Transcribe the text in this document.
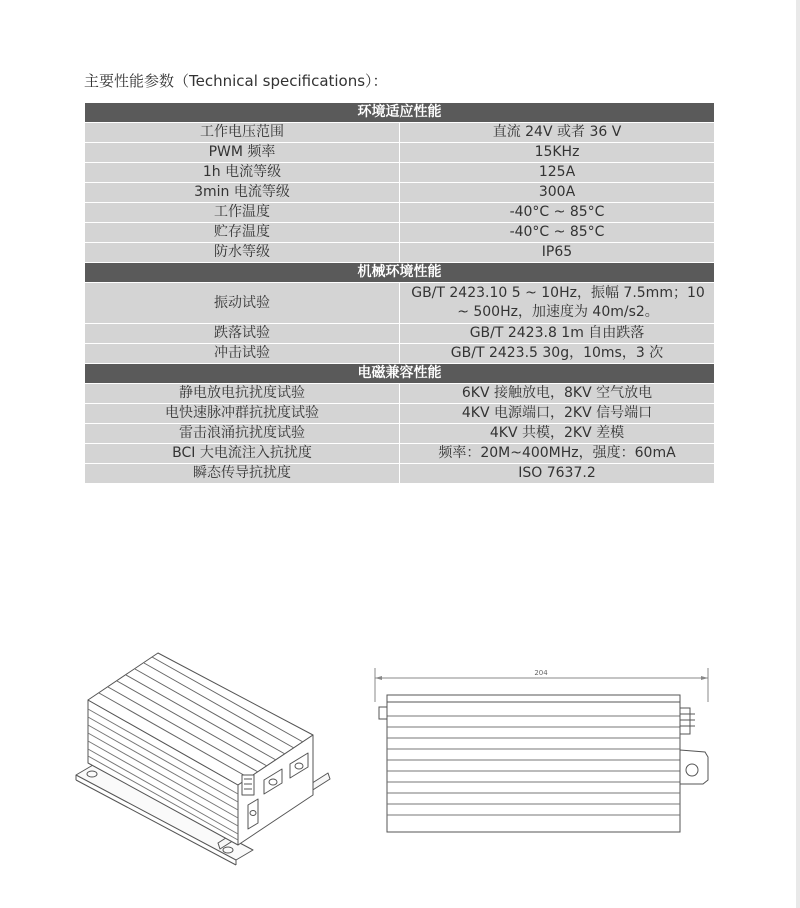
主要性能参数（Technical specifications）：
环境适应性能	
工作电压范围	直流 24V 或者 36 V
PWM 频率	15KHz
1h 电流等级	125A
3min 电流等级	300A
工作温度	-40°C ~ 85°C
贮存温度	-40°C ~ 85°C
防水等级	IP65
机械环境性能	
振动试验	GB/T 2423.10 5 ~ 10Hz，振幅 7.5mm；10 ~ 500Hz，加速度为 40m/s2。
跌落试验	GB/T 2423.8 1m 自由跌落
冲击试验	GB/T 2423.5 30g，10ms，3 次
电磁兼容性能	
静电放电抗扰度试验	6KV 接触放电，8KV 空气放电
电快速脉冲群抗扰度试验	4KV 电源端口，2KV 信号端口
雷击浪涌抗扰度试验	4KV 共模，2KV 差模
BCI 大电流注入抗扰度	频率：20M~400MHz，强度：60mA
瞬态传导抗扰度	ISO 7637.2
204
